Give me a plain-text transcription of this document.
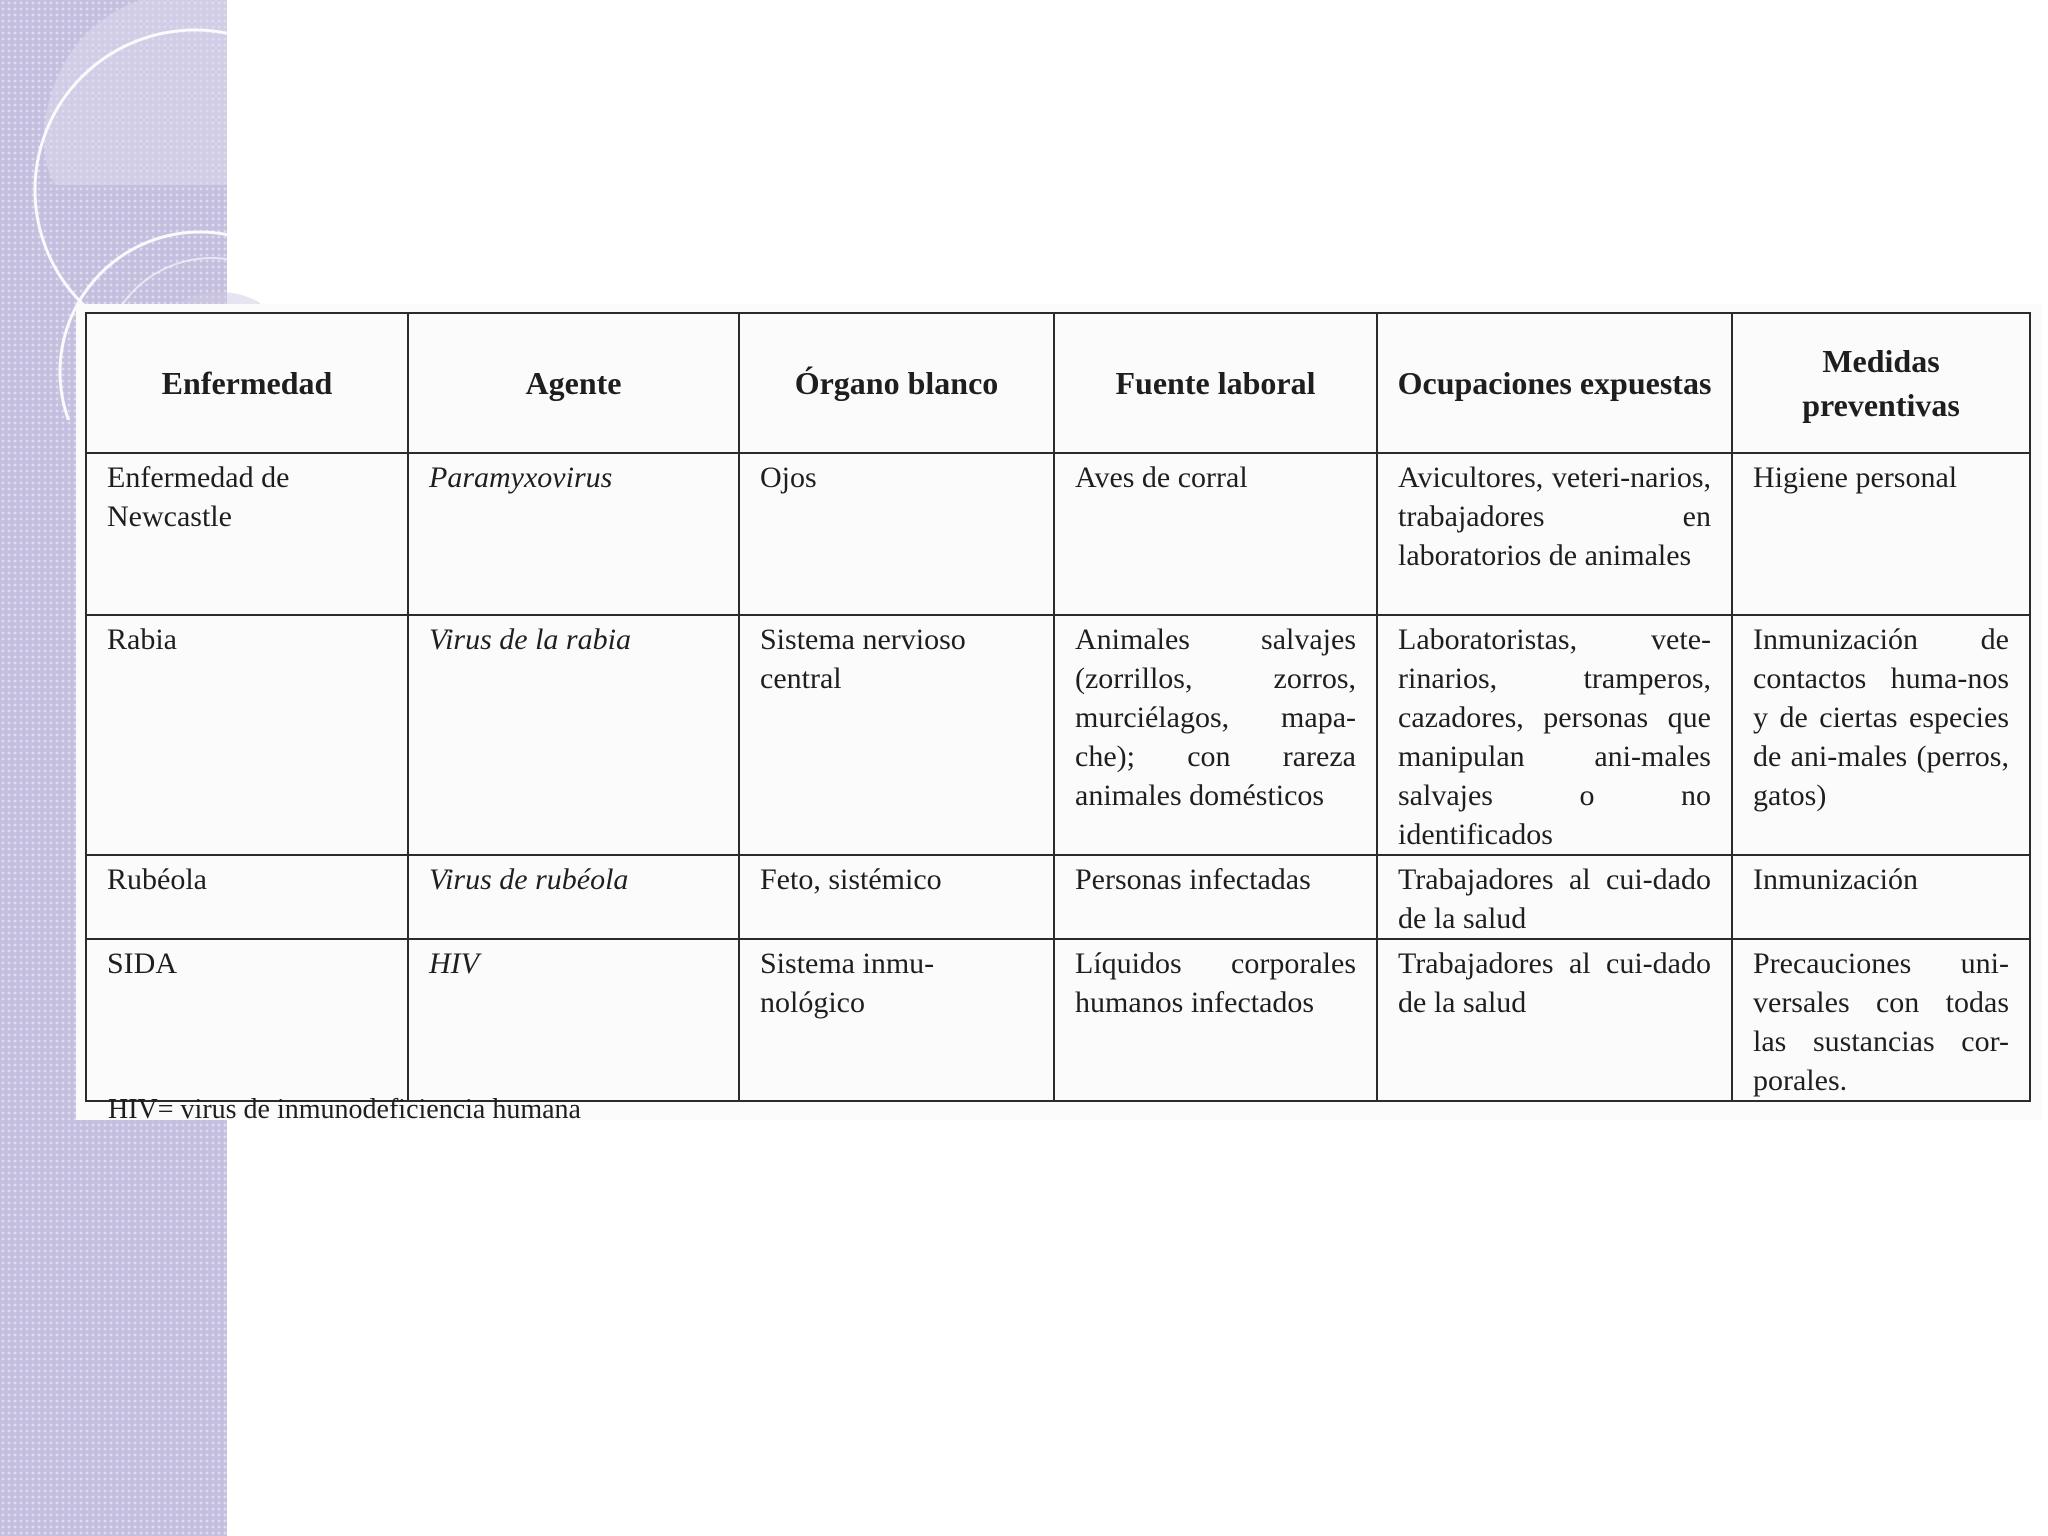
Enfermedad	Agente	Órgano blanco	Fuente laboral	Ocupaciones expuestas	Medidas preventivas
Enfermedad de Newcastle	Paramyxovirus	Ojos	Aves de corral	Avicultores, veteri-narios, trabajadores en laboratorios de animales	Higiene personal
Rabia	Virus de la rabia	Sistema nervioso central	Animales salvajes (zorrillos, zorros, murciélagos, mapa-che); con rareza animales domésticos	Laboratoristas, vete-rinarios, tramperos, cazadores, personas que manipulan ani-males salvajes o no identificados	Inmunización de contactos huma-nos y de ciertas especies de ani-males (perros, gatos)
Rubéola	Virus de rubéola	Feto, sistémico	Personas infectadas	Trabajadores al cui-dado de la salud	Inmunización
SIDA	HIV	Sistema inmu-nológico	Líquidos corporales humanos infectados	Trabajadores al cui-dado de la salud	Precauciones uni-versales con todas las sustancias cor-porales.
HIV= virus de inmunodeficiencia humana
